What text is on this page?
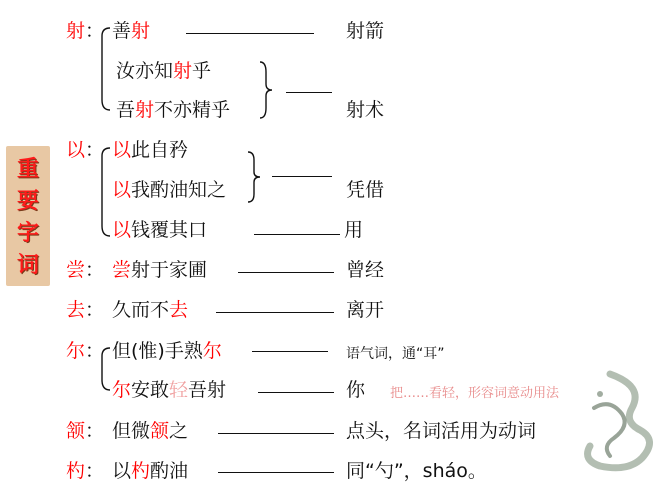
重
要
字
词
射： 善射	射箭
汝亦知射乎
吾射不亦精乎	射术
以： 以此自矜
以我酌油知之	凭借
以钱覆其口	用
尝： 尝射于家圃	曾经
去： 久而不去	离开
尔： 但(惟)手熟尔	语气词，通“耳”
尔安敢轻吾射	你 把……看轻，形容词意动用法
颔： 但微颔之	点头，名词活用为动词
杓： 以杓酌油	同“勺”，sháo。
